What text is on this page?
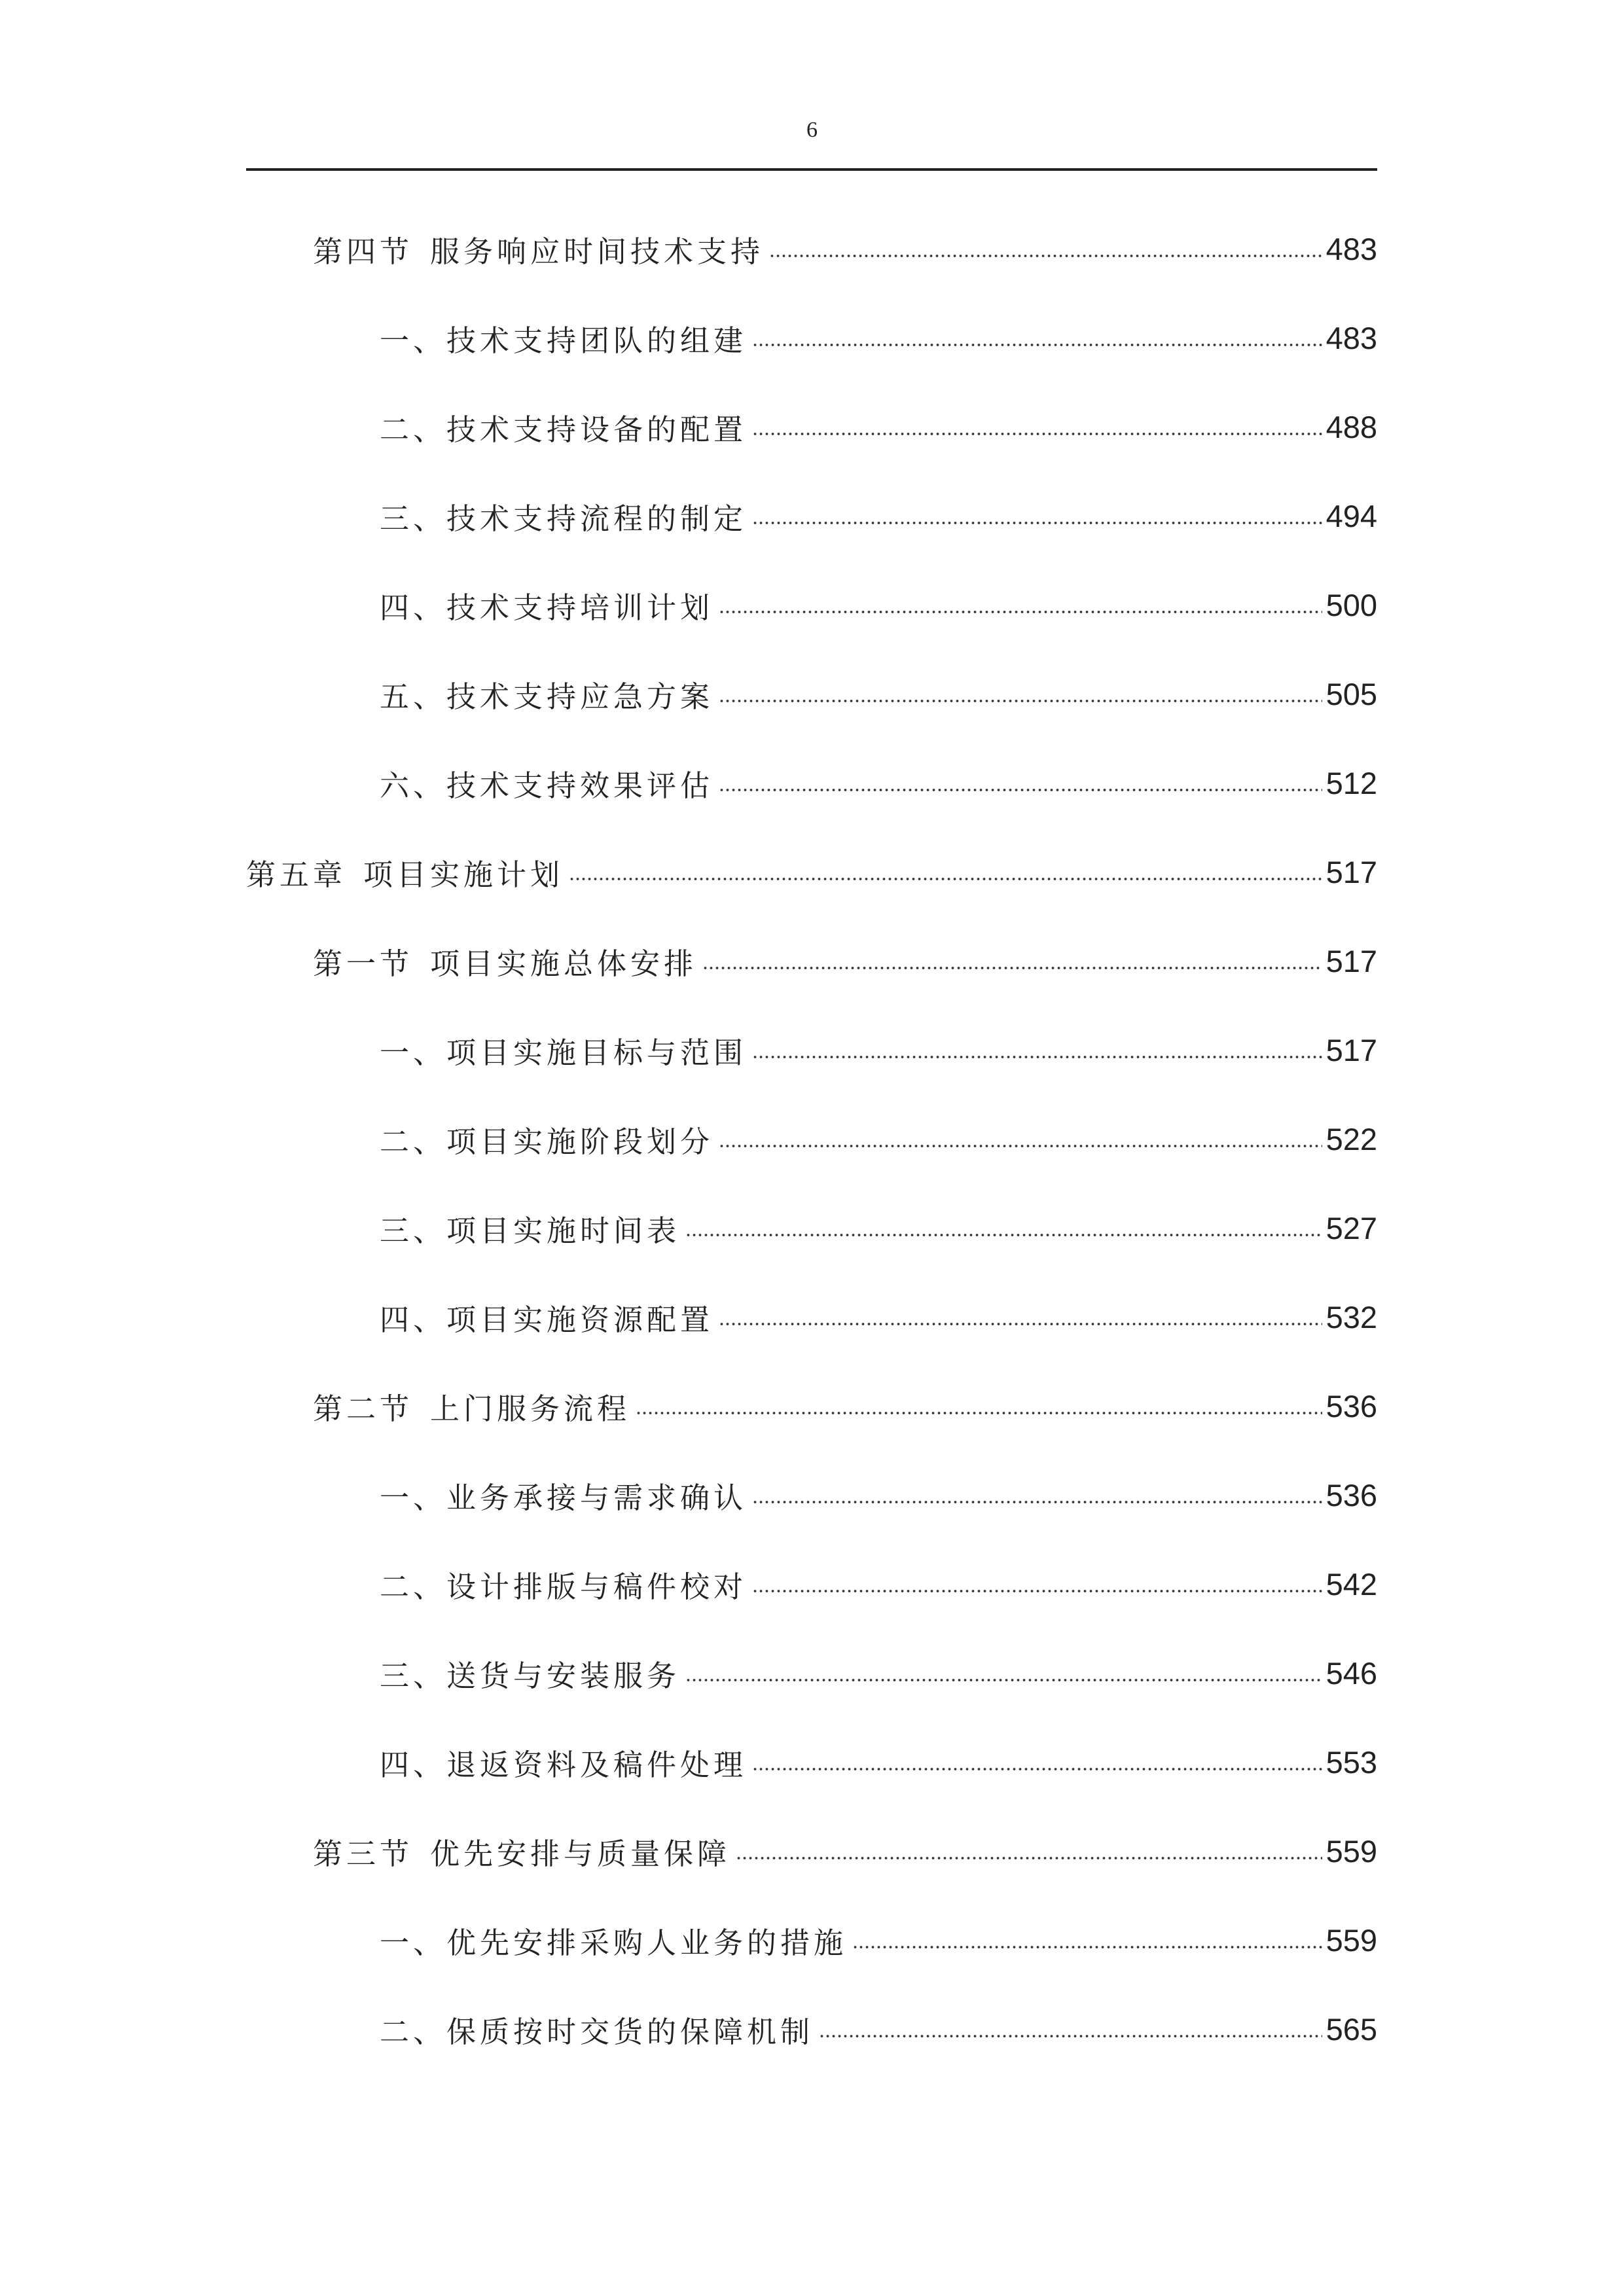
6
第四节 服务响应时间技术支持	483
一、技术支持团队的组建	483
二、技术支持设备的配置	488
三、技术支持流程的制定	494
四、技术支持培训计划	500
五、技术支持应急方案	505
六、技术支持效果评估	512
第五章 项目实施计划	517
第一节 项目实施总体安排	517
一、项目实施目标与范围	517
二、项目实施阶段划分	522
三、项目实施时间表	527
四、项目实施资源配置	532
第二节 上门服务流程	536
一、业务承接与需求确认	536
二、设计排版与稿件校对	542
三、送货与安装服务	546
四、退返资料及稿件处理	553
第三节 优先安排与质量保障	559
一、优先安排采购人业务的措施	559
二、保质按时交货的保障机制	565
